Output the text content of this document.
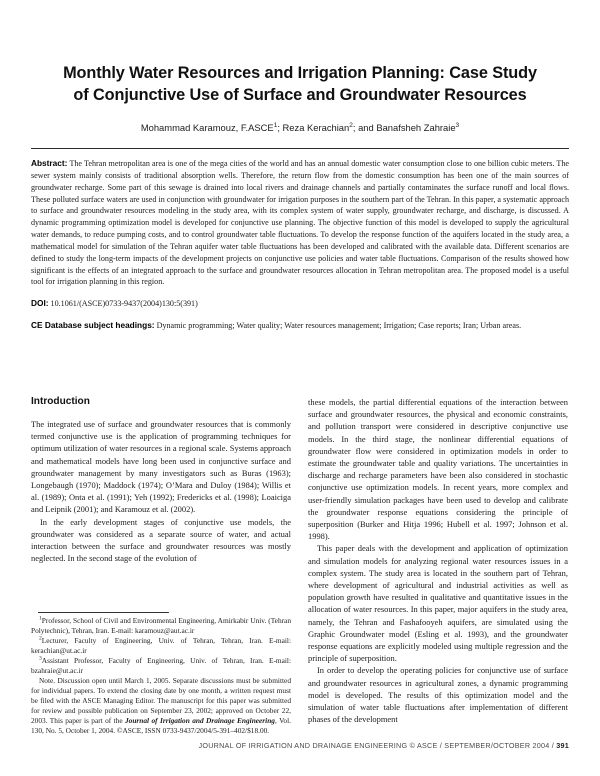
Monthly Water Resources and Irrigation Planning: Case Study of Conjunctive Use of Surface and Groundwater Resources
Mohammad Karamouz, F.ASCE$^1$; Reza Kerachian$^2$; and Banafsheh Zahraie$^3$

Abstract: The Tehran metropolitan area is one of the mega cities of the world and has an annual domestic water consumption close to one billion cubic meters. The sewer system mainly consists of traditional absorption wells. Therefore, the return flow from the domestic consumption has been one of the main sources of groundwater recharge. Some part of this sewage is drained into local rivers and drainage channels and partially contaminates the surface runoff and local flows. These polluted surface waters are used in conjunction with groundwater for irrigation purposes in the southern part of the Tehran. In this paper, a systematic approach to surface and groundwater resources modeling in the study area, with its complex system of water supply, groundwater recharge, and discharge, is discussed. A dynamic programming optimization model is developed for conjunctive use planning. The objective function of this model is developed to supply the agricultural water demands, to reduce pumping costs, and to control groundwater table fluctuations. To develop the response function of the aquifers located in the study area, a mathematical model for simulation of the Tehran aquifer water table fluctuations has been developed and calibrated with the available data. Different scenarios are defined to study the long-term impacts of the development projects on conjunctive use policies and water table fluctuations. Comparison of the results showed how significant is the effects of an integrated approach to the surface and groundwater resources allocation in Tehran metropolitan area. The proposed model is a useful tool for irrigation planning in this region.

DOI: 10.1061/(ASCE)0733-9437(2004)130:5(391)
CE Database subject headings: Dynamic programming; Water quality; Water resources management; Irrigation; Case reports; Iran; Urban areas.
Introduction

The integrated use of surface and groundwater resources that is commonly termed conjunctive use is the application of programming techniques for optimum utilization of water resources in a regional scale. Systems approach and mathematical models have long been used in conjunctive surface and groundwater management by many investigators such as Buras (1963); Longebaugh (1970); Maddock (1974); O’Mara and Duloy (1984); Willis et al. (1989); Onta et al. (1991); Yeh (1992); Fredericks et al. (1998); Loaiciga and Leipnik (2001); and Karamouz et al. (2002).

In the early development stages of conjunctive use models, the groundwater was considered as a separate source of water, and actual interaction between the surface and groundwater resources was mostly neglected. In the second stage of the evolution of

$^1$Professor, School of Civil and Environmental Engineering, Amirkabir Univ. (Tehran Polytechnic), Tehran, Iran. E-mail: karamouz@aut.ac.ir

$^2$Lecturer, Faculty of Engineering, Univ. of Tehran, Tehran, Iran. E-mail: kerachian@ut.ac.ir

$^3$Assistant Professor, Faculty of Engineering, Univ. of Tehran, Iran. E-mail: bzahraie@ut.ac.ir

Note. Discussion open until March 1, 2005. Separate discussions must be submitted for individual papers. To extend the closing date by one month, a written request must be filed with the ASCE Managing Editor. The manuscript for this paper was submitted for review and possible publication on September 23, 2002; approved on October 22, 2003. This paper is part of the Journal of Irrigation and Drainage Engineering, Vol. 130, No. 5, October 1, 2004. ©ASCE, ISSN 0733-9437/2004/5-391–402/$18.00.

these models, the partial differential equations of the interaction between surface and groundwater resources, the physical and economic constraints, and pollution transport were considered in descriptive conjunctive use models. In the third stage, the nonlinear differential equations of groundwater flow were considered in optimization models in order to estimate the groundwater table and quality variations. The uncertainties in discharge and recharge parameters have been also considered in stochastic conjunctive use optimization models. In recent years, more complex and user-friendly simulation packages have been used to develop and calibrate the groundwater response equations considering the principle of superposition (Burker and Hitja 1996; Hubell et al. 1997; Johnson et al. 1998).

This paper deals with the development and application of optimization and simulation models for analyzing regional water resources issues in a complex system. The study area is located in the southern part of Tehran, where development of agricultural and industrial activities as well as population growth have resulted in qualitative and quantitative issues in the allocation of water resources. In this paper, major aquifers in the study area, namely, the Tehran and Fashafooyeh aquifers, are simulated using the Graphic Groundwater model (Esling et al. 1993), and the groundwater response equations are explicitly modeled using multiple regression and the principle of superposition.

In order to develop the operating policies for conjunctive use of surface and groundwater resources in agricultural zones, a dynamic programming model is developed. The results of this optimization model and the simulation of water table fluctuations after implementation of different phases of the development

JOURNAL OF IRRIGATION AND DRAINAGE ENGINEERING © ASCE / SEPTEMBER/OCTOBER 2004 / 391
